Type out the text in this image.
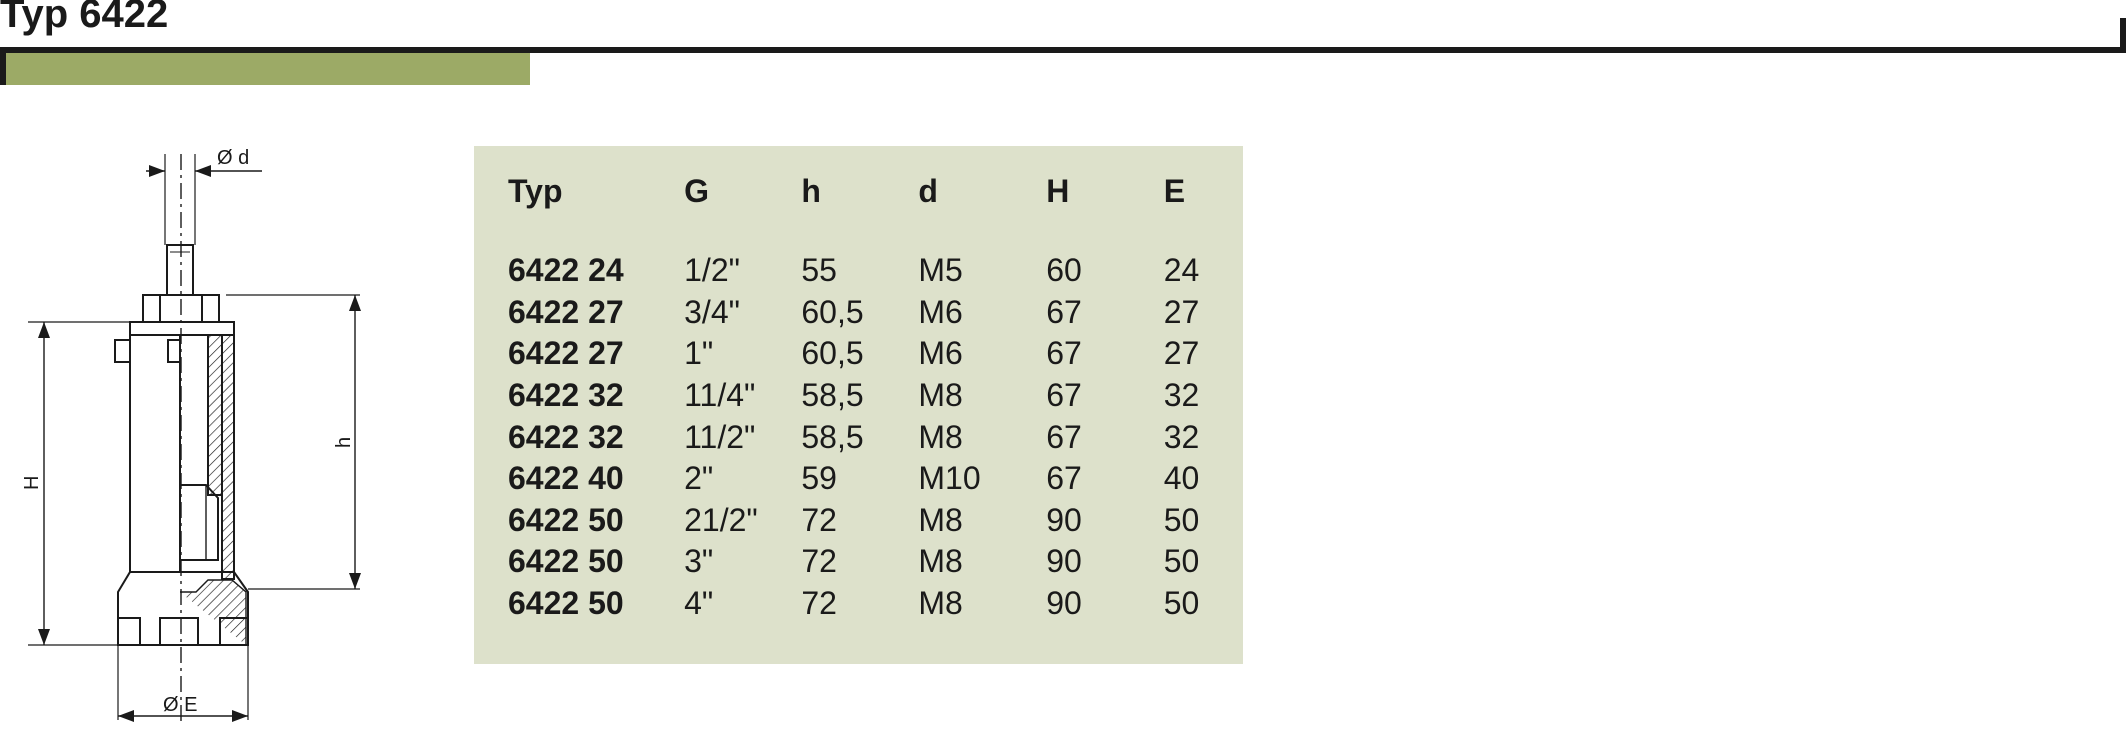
Typ 6422
Ø d
H
h
Ø E
Typ	G	h	d	H	E

6422 24	1/2"	55	M5	60	24
6422 27	3/4"	60,5	M6	67	27
6422 27	1"	60,5	M6	67	27
6422 32	11/4"	58,5	M8	67	32
6422 32	11/2"	58,5	M8	67	32
6422 40	2"	59	M10	67	40
6422 50	21/2"	72	M8	90	50
6422 50	3"	72	M8	90	50
6422 50	4"	72	M8	90	50
